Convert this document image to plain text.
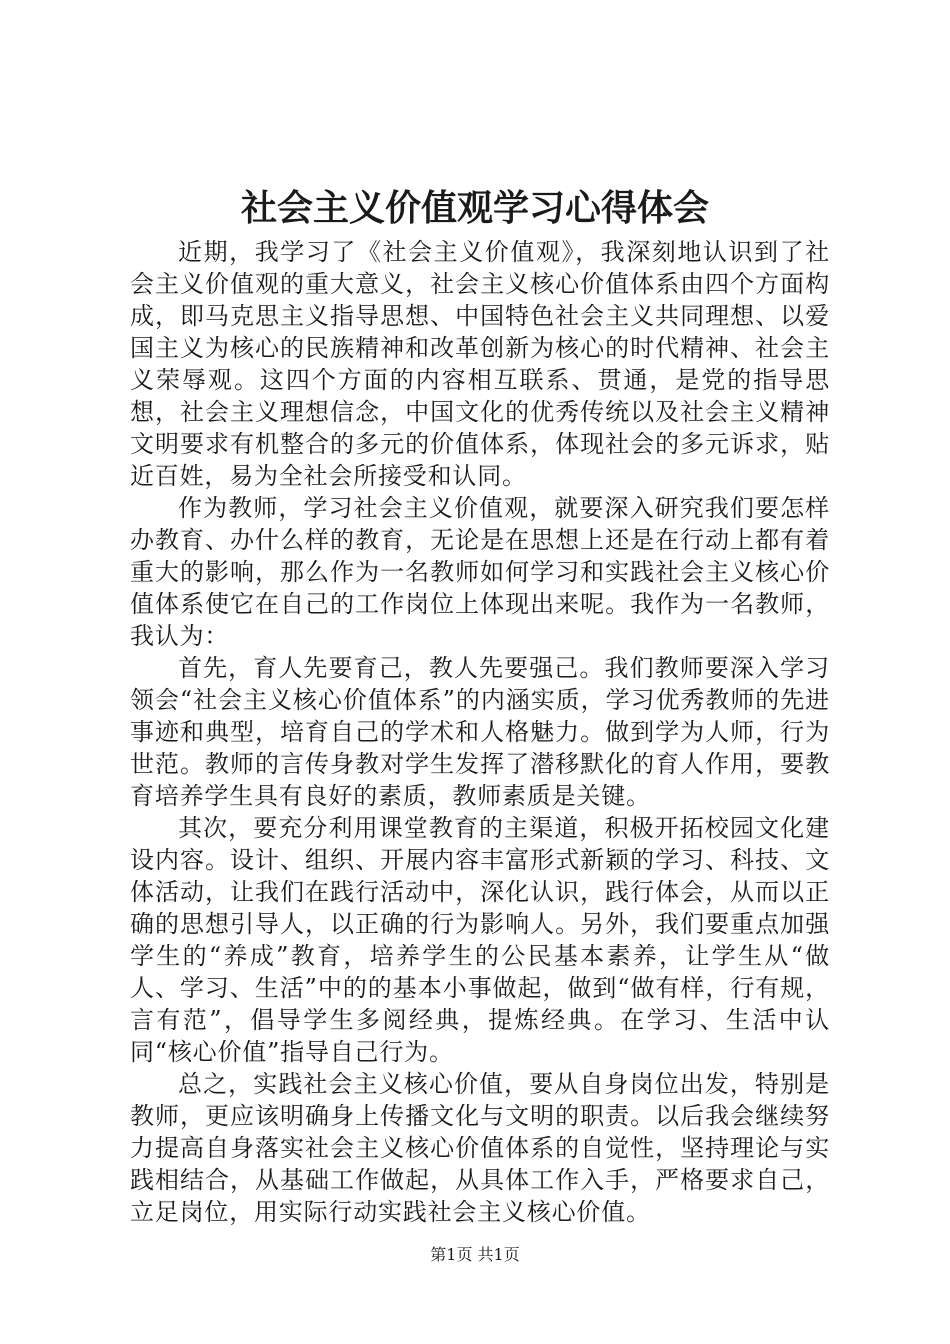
社会主义价值观学习心得体会

近期，我学习了《社会主义价值观》，我深刻地认识到了社会主义价值观的重大意义，社会主义核心价值体系由四个方面构成，即马克思主义指导思想、中国特色社会主义共同理想、以爱国主义为核心的民族精神和改革创新为核心的时代精神、社会主义荣辱观。这四个方面的内容相互联系、贯通，是党的指导思想，社会主义理想信念，中国文化的优秀传统以及社会主义精神文明要求有机整合的多元的价值体系，体现社会的多元诉求，贴近百姓，易为全社会所接受和认同。

作为教师，学习社会主义价值观，就要深入研究我们要怎样办教育、办什么样的教育，无论是在思想上还是在行动上都有着重大的影响，那么作为一名教师如何学习和实践社会主义核心价值体系使它在自己的工作岗位上体现出来呢。我作为一名教师，我认为：

首先，育人先要育己，教人先要强己。我们教师要深入学习领会“社会主义核心价值体系”的内涵实质，学习优秀教师的先进事迹和典型，培育自己的学术和人格魅力。做到学为人师，行为世范。教师的言传身教对学生发挥了潜移默化的育人作用，要教育培养学生具有良好的素质，教师素质是关键。

其次，要充分利用课堂教育的主渠道，积极开拓校园文化建设内容。设计、组织、开展内容丰富形式新颖的学习、科技、文体活动，让我们在践行活动中，深化认识，践行体会，从而以正确的思想引导人，以正确的行为影响人。另外，我们要重点加强学生的“养成”教育，培养学生的公民基本素养，让学生从“做人、学习、生活”中的的基本小事做起，做到“做有样，行有规，言有范”，倡导学生多阅经典，提炼经典。在学习、生活中认同“核心价值”指导自己行为。

总之，实践社会主义核心价值，要从自身岗位出发，特别是教师，更应该明确身上传播文化与文明的职责。以后我会继续努力提高自身落实社会主义核心价值体系的自觉性，坚持理论与实践相结合，从基础工作做起，从具体工作入手，严格要求自己，立足岗位，用实际行动实践社会主义核心价值。

第1页 共1页
